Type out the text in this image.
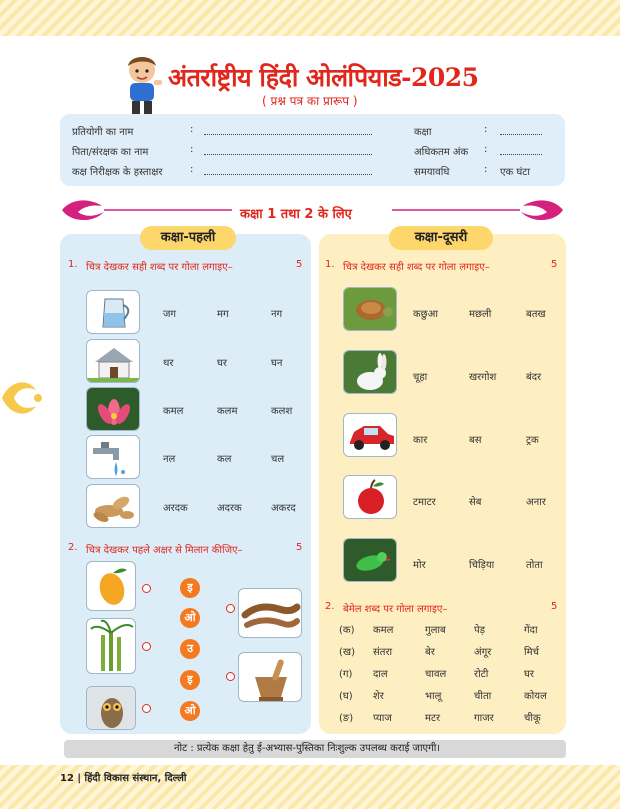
अंतर्राष्ट्रीय हिंदी ओलंपियाड-2025
( प्रश्न पत्र का प्रारूप )
प्रतियोगी का नाम	:
पिता/संरक्षक का नाम	:
कक्ष निरीक्षक के हस्ताक्षर	:
कक्षा	:
अधिकतम अंक :
समयावधि	: एक घंटा
कक्षा 1 तथा 2 के लिए
कक्षा-पहली	कक्षा-दूसरी
1. चित्र देखकर सही शब्द पर गोला लगाइए–	5
जग	मग	नग
थर	घर	घन
कमल	कलम	कलश
नल	कल	चल
अरदक	अदरक	अकरद
2. चित्र देखकर पहले अक्षर से मिलान कीजिए–	5
इ
ओ
उ
इ
ओ
1. चित्र देखकर सही शब्द पर गोला लगाइए–	5
कछुआ	मछली	बतख
चूहा	खरगोश	बंदर
कार	बस	ट्रक
टमाटर	सेब	अनार
मोर	चिड़िया	तोता
2. बेमेल शब्द पर गोला लगाइए–	5
(क) कमल	गुलाब	पेड़	गेंदा
(ख) संतरा	बेर	अंगूर	मिर्च
(ग) दाल	चावल	रोटी	घर
(घ) शेर	भालू	चीता	कोयल
(ङ) प्याज	मटर	गाजर	चीकू
नोट : प्रत्येक कक्षा हेतु ई-अभ्यास-पुस्तिका निःशुल्क उपलब्ध कराई जाएगी।
12 | हिंदी विकास संस्थान, दिल्ली
